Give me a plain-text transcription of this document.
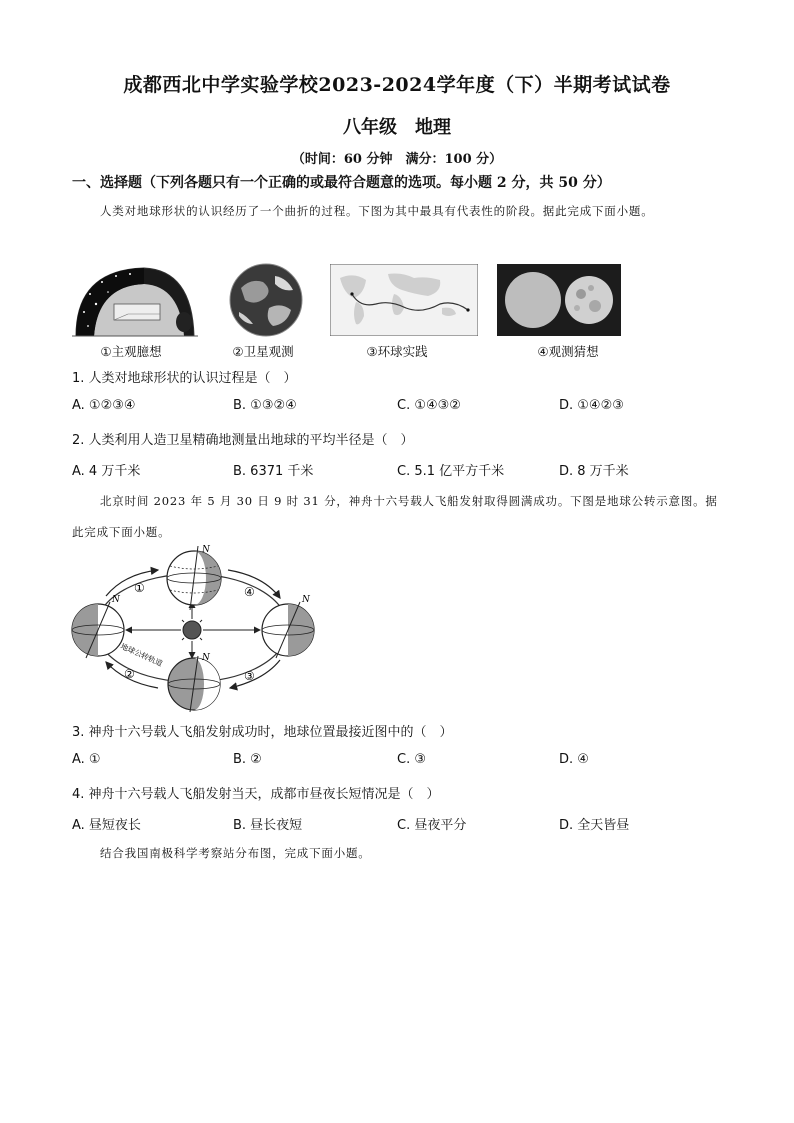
成都西北中学实验学校2023-2024学年度（下）半期考试试卷
八年级　地理
（时间：60 分钟　满分：100 分）
一、选择题（下列各题只有一个正确的或最符合题意的选项。每小题 2 分，共 50 分）
人类对地球形状的认识经历了一个曲折的过程。下图为其中最具有代表性的阶段。据此完成下面小题。
①主观臆想	②卫星观测	③环球实践	④观测猜想
1. 人类对地球形状的认识过程是（　）
A. ①②③④	B. ①③②④	C. ①④③②	D. ①④②③
2. 人类利用人造卫星精确地测量出地球的平均半径是（　）
A. 4 万千米	B. 6371 千米	C. 5.1 亿平方千米	D. 8 万千米
北京时间 2023 年 5 月 30 日 9 时 31 分，神舟十六号载人飞船发射取得圆满成功。下图是地球公转示意图。据此完成下面小题。
N
N	N
N
地球公转轨道
①
②	③
④
3. 神舟十六号载人飞船发射成功时，地球位置最接近图中的（　）
A. ①	B. ②	C. ③	D. ④
4. 神舟十六号载人飞船发射当天，成都市昼夜长短情况是（　）
A. 昼短夜长	B. 昼长夜短	C. 昼夜平分	D. 全天皆昼
结合我国南极科学考察站分布图，完成下面小题。
